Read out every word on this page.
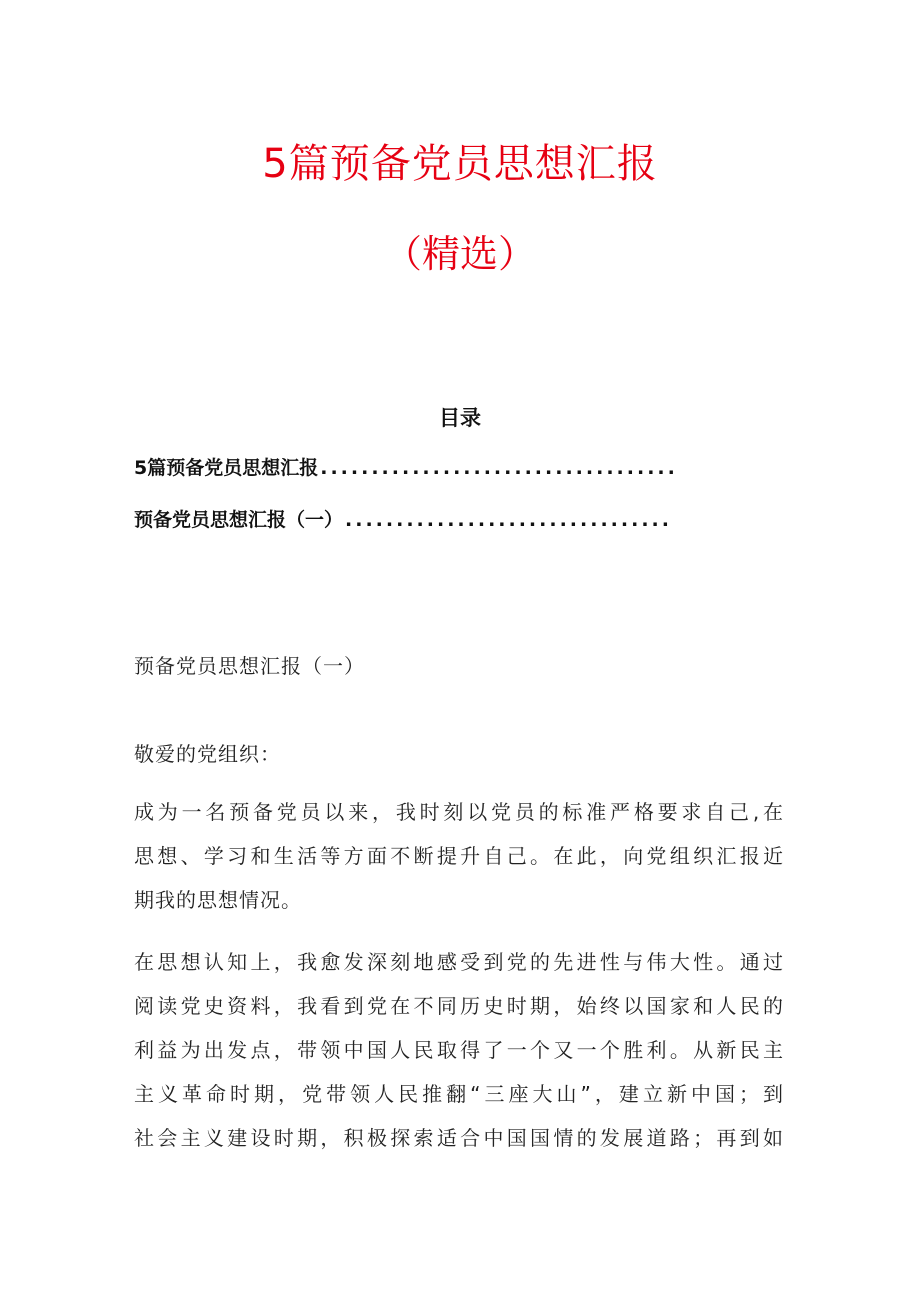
5篇预备党员思想汇报
（精选）
目录
5篇预备党员思想汇报 ...................................
预备党员思想汇报（一） ................................
预备党员思想汇报（一）
敬爱的党组织：
成为一名预备党员以来，我时刻以党员的标准严格要求自己,在
思想、学习和生活等方面不断提升自己。在此，向党组织汇报近
期我的思想情况。
在思想认知上，我愈发深刻地感受到党的先进性与伟大性。通过
阅读党史资料，我看到党在不同历史时期，始终以国家和人民的
利益为出发点，带领中国人民取得了一个又一个胜利。从新民主
主义革命时期，党带领人民推翻“三座大山”，建立新中国；到
社会主义建设时期，积极探索适合中国国情的发展道路；再到如
